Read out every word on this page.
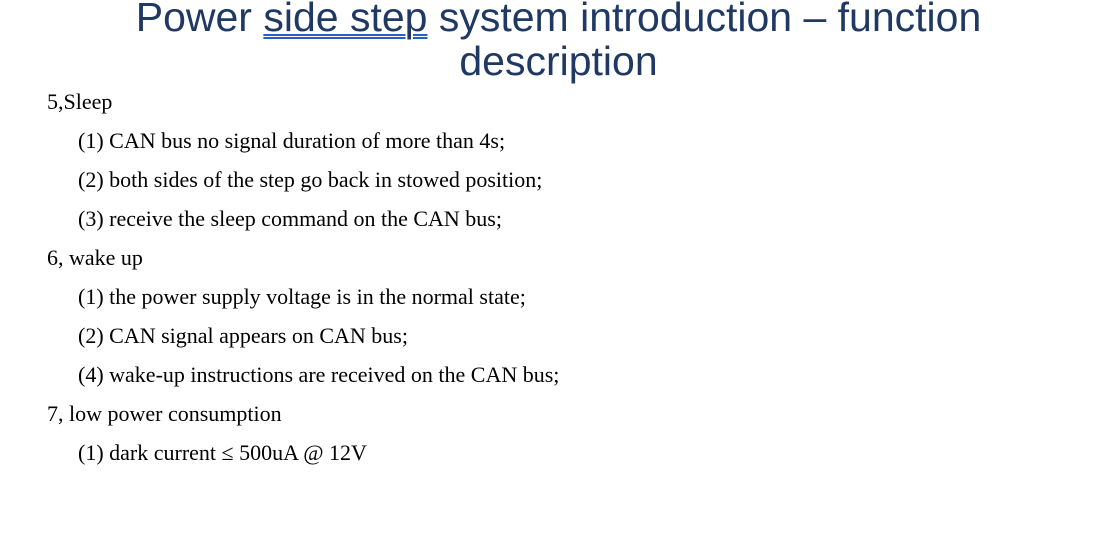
Power side step system introduction – function description
5,Sleep
(1) CAN bus no signal duration of more than 4s;
(2) both sides of the step go back in stowed position;
(3) receive the sleep command on the CAN bus;
6, wake up
(1) the power supply voltage is in the normal state;
(2) CAN signal appears on CAN bus;
(4) wake-up instructions are received on the CAN bus;
7, low power consumption
(1) dark current ≤ 500uA @ 12V
